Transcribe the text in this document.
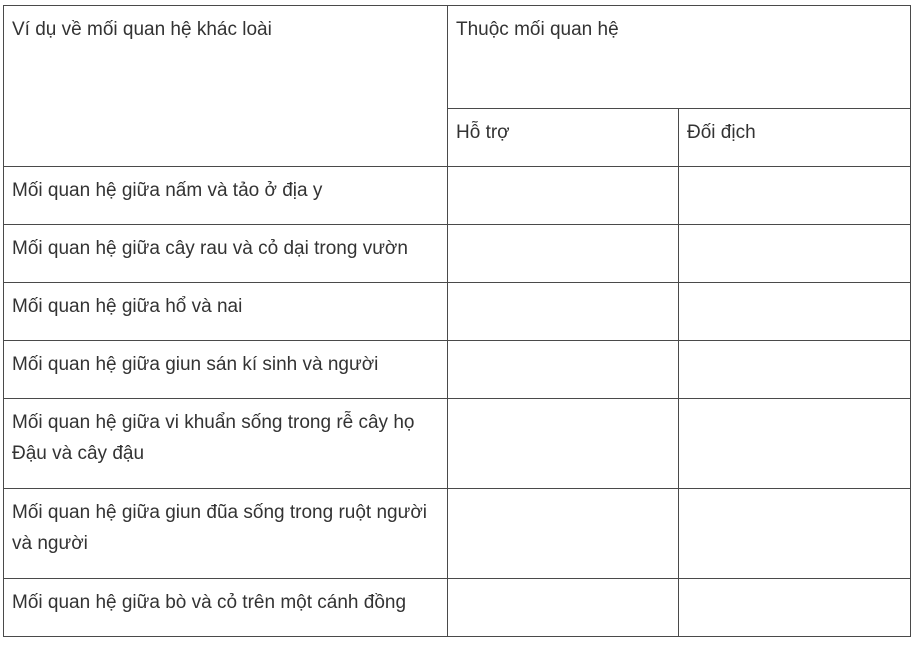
Ví dụ về mối quan hệ khác loài	Thuộc mối quan hệ	

	Hỗ trợ	Đối địch

Mối quan hệ giữa nấm và tảo ở địa y		

Mối quan hệ giữa cây rau và cỏ dại trong vườn		

Mối quan hệ giữa hổ và nai		

Mối quan hệ giữa giun sán kí sinh và người		

Mối quan hệ giữa vi khuẩn sống trong rễ cây họ Đậu và cây đậu		

Mối quan hệ giữa giun đũa sống trong ruột người và người		

Mối quan hệ giữa bò và cỏ trên một cánh đồng		
